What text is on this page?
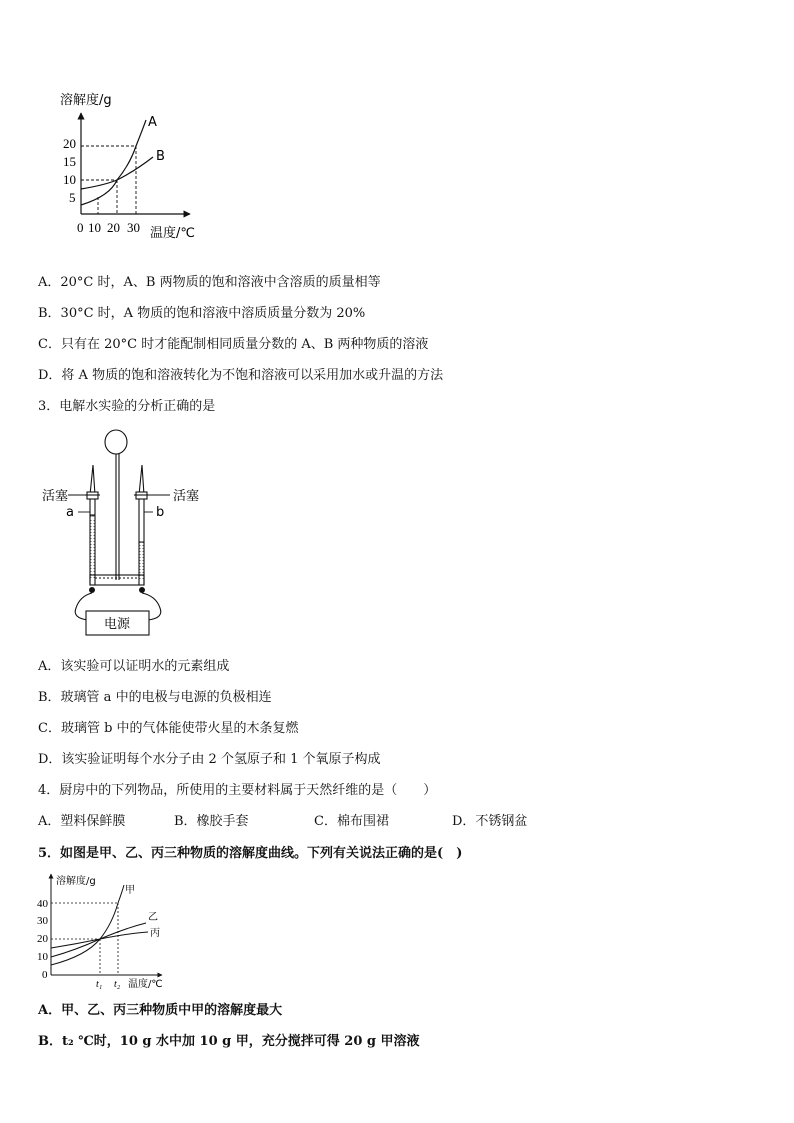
溶解度/g
20
15
10
5
0 10 20 30 温度/℃
A
B
A．20°C 时，A、B 两物质的饱和溶液中含溶质的质量相等
B．30°C 时，A 物质的饱和溶液中溶质质量分数为 20%
C．只有在 20°C 时才能配制相同质量分数的 A、B 两种物质的溶液
D．将 A 物质的饱和溶液转化为不饱和溶液可以采用加水或升温的方法
3．电解水实验的分析正确的是
活塞	活塞
a	b
电源
A．该实验可以证明水的元素组成
B．玻璃管 a 中的电极与电源的负极相连
C．玻璃管 b 中的气体能使带火星的木条复燃
D．该实验证明每个水分子由 2 个氢原子和 1 个氧原子构成
4．厨房中的下列物品，所使用的主要材料属于天然纤维的是（　　）

A．塑料保鲜膜

	B．橡胶手套

	C．棉布围裙

	D．不锈钢盆

5．如图是甲、乙、丙三种物质的溶解度曲线。下列有关说法正确的是(　)
溶解度/g
40
30
20
10
0
甲
乙
丙
t₁ t₂ 温度/℃
A．甲、乙、丙三种物质中甲的溶解度最大
B．t₂ ℃时，10 g 水中加 10 g 甲，充分搅拌可得 20 g 甲溶液
